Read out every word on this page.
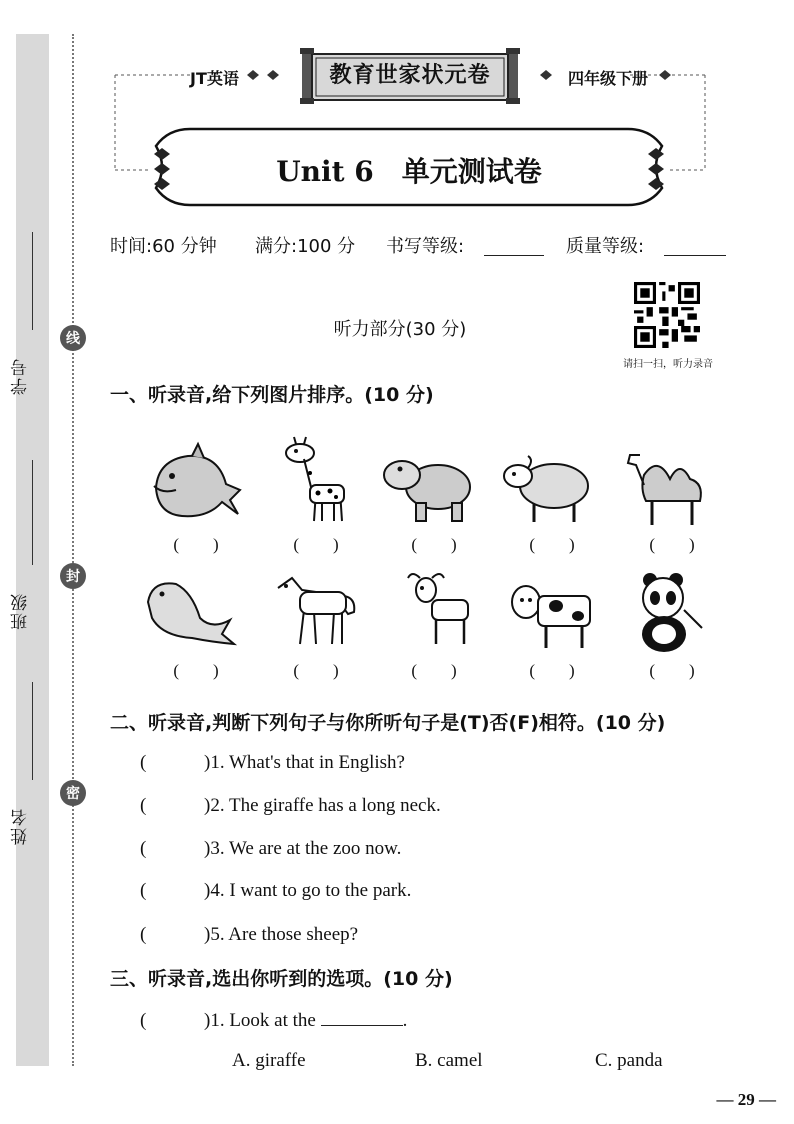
学号
班级
姓名
线
封
密
JT英语	四年级下册
教育世家状元卷
Unit 6　单元测试卷
时间:60 分钟 满分:100 分 书写等级:	质量等级:
请扫一扫，听力录音
听力部分(30 分)
一、听录音,给下列图片排序。(10 分)
(　　)	(　　)	(　　)	(　　)	(　　)
(　　)	(　　)	(　　)	(　　)	(　　)
二、听录音,判断下列句子与你所听句子是(T)否(F)相符。(10 分)
(	)1. What's that in English?
(	)2. The giraffe has a long neck.
(	)3. We are at the zoo now.
(	)4. I want to go to the park.
(	)5. Are those sheep?
三、听录音,选出你听到的选项。(10 分)
(	)1. Look at the	.
A. giraffe	B. camel	C. panda
— 29 —
